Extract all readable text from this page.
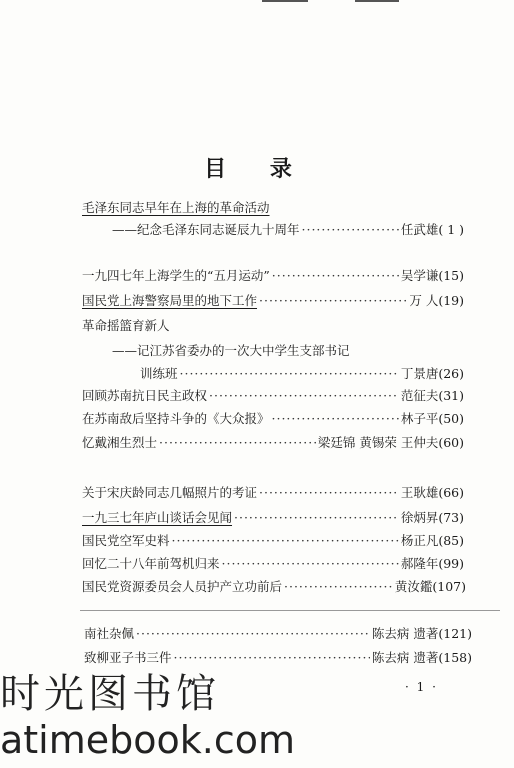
目 录
毛泽东同志早年在上海的革命活动
——纪念毛泽东同志诞辰九十周年 ·····	任武雄 ( 1 )
一九四七年上海学生的“五月运动” ·····	吴学谦 (15)
国民党上海警察局里的地下工作 ·····	万 人 (19)
革命摇篮育新人
——记江苏省委办的一次大中学生支部书记
训练班 ·····	丁景唐 (26)
回顾苏南抗日民主政权 ·····	范征夫 (31)
在苏南敌后坚持斗争的《大众报》 ·····	林子平 (50)
忆戴湘生烈士 ·····	梁廷锦 黄锡荣 王仲夫 (60)
关于宋庆龄同志几幅照片的考证 ·····	王耿雄 (66)
一九三七年庐山谈话会见闻 ·····	徐炳昇 (73)
国民党空军史料 ·····	杨正凡 (85)
回忆二十八年前驾机归来 ·····	郝隆年 (99)
国民党资源委员会人员护产立功前后 ·····	黄汝鑑 (107)
南社杂佩 ·····	陈去病 遗著 (121)
致柳亚子书三件 ·····	陈去病 遗著 (158)
· 1 ·
时光图书馆
atimebook.com
